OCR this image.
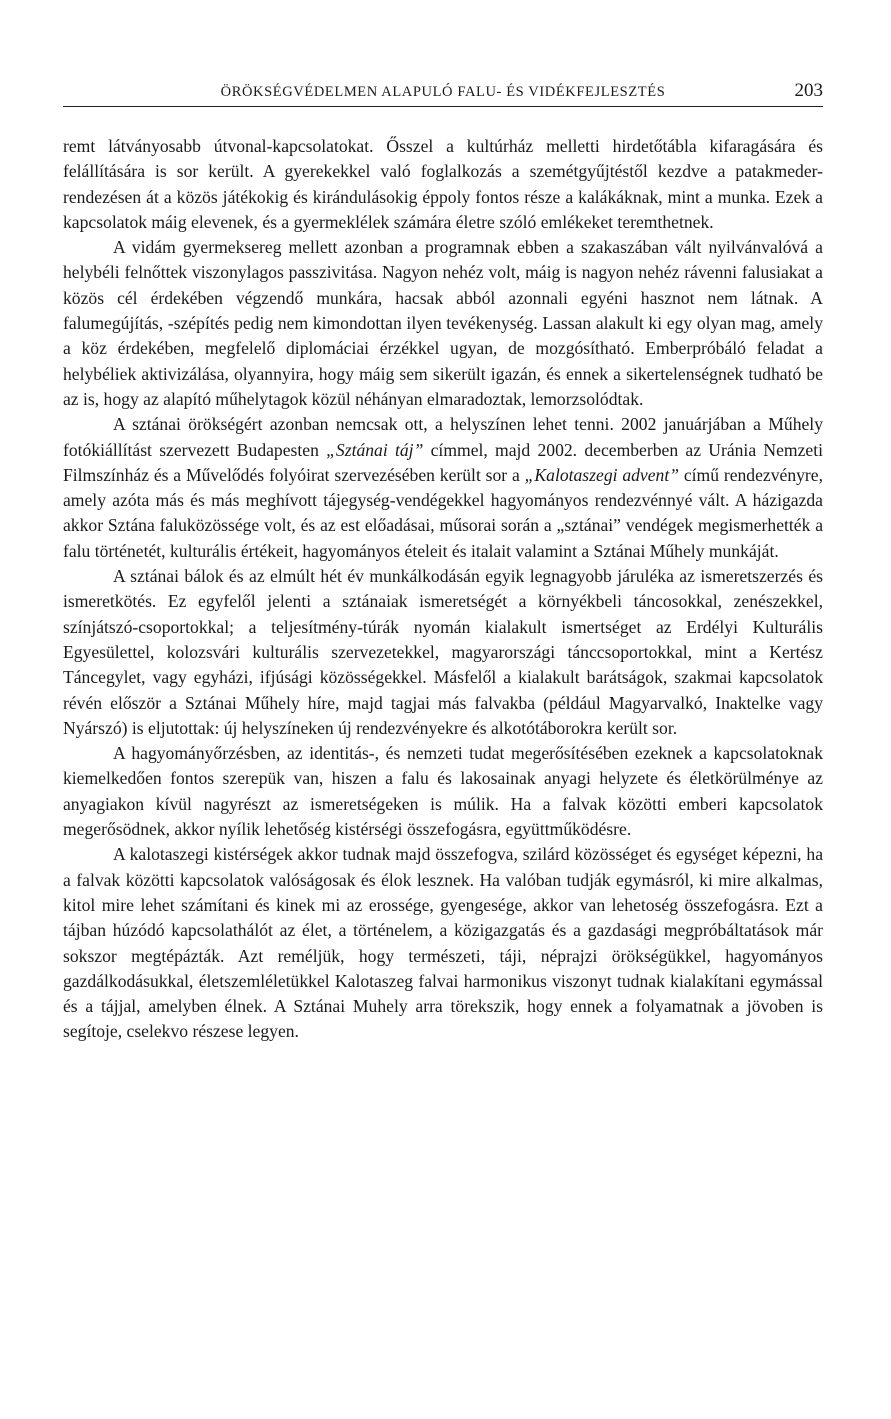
ÖRÖKSÉGVÉDELMEN ALAPULÓ FALU- ÉS VIDÉKFEJLESZTÉS	203

remt látványosabb útvonal-kapcsolatokat. Ősszel a kultúrház melletti hirdetőtábla kifaragására és felállítására is sor került. A gyerekekkel való foglalkozás a szemétgyűjtéstől kezdve a patakmeder-rendezésen át a közös játékokig és kirándulásokig éppoly fontos része a kalákáknak, mint a munka. Ezek a kapcsolatok máig elevenek, és a gyermeklélek számára életre szóló emlékeket teremthetnek.

A vidám gyermeksereg mellett azonban a programnak ebben a szakaszában vált nyilvánvalóvá a helybéli felnőttek viszonylagos passzivitása. Nagyon nehéz volt, máig is nagyon nehéz rávenni falusiakat a közös cél érdekében végzendő munkára, hacsak abból azonnali egyéni hasznot nem látnak. A falumegújítás, -szépítés pedig nem kimondottan ilyen tevékenység. Lassan alakult ki egy olyan mag, amely a köz érdekében, megfelelő diplomáciai érzékkel ugyan, de mozgósítható. Emberpróbáló feladat a helybéliek aktivizálása, olyannyira, hogy máig sem sikerült igazán, és ennek a sikertelenségnek tudható be az is, hogy az alapító műhelytagok közül néhányan elmaradoztak, lemorzsolódtak.

A sztánai örökségért azonban nemcsak ott, a helyszínen lehet tenni. 2002 januárjában a Műhely fotókiállítást szervezett Budapesten „Sztánai táj” címmel, majd 2002. decemberben az Uránia Nemzeti Filmszínház és a Művelődés folyóirat szervezésében került sor a „Kalotaszegi advent” című rendezvényre, amely azóta más és más meghívott tájegység-vendégekkel hagyományos rendezvénnyé vált. A házigazda akkor Sztána faluközössége volt, és az est előadásai, műsorai során a „sztánai” vendégek megismerhették a falu történetét, kulturális értékeit, hagyományos ételeit és italait valamint a Sztánai Műhely munkáját.

A sztánai bálok és az elmúlt hét év munkálkodásán egyik legnagyobb járuléka az ismeretszerzés és ismeretkötés. Ez egyfelől jelenti a sztánaiak ismeretségét a környékbeli táncosokkal, zenészekkel, színjátszó-csoportokkal; a teljesítmény-túrák nyomán kialakult ismertséget az Erdélyi Kulturális Egyesülettel, kolozsvári kulturális szervezetekkel, magyarországi tánccsoportokkal, mint a Kertész Táncegylet, vagy egyházi, ifjúsági közösségekkel. Másfelől a kialakult barátságok, szakmai kapcsolatok révén először a Sztánai Műhely híre, majd tagjai más falvakba (például Magyarvalkó, Inaktelke vagy Nyárszó) is eljutottak: új helyszíneken új rendezvényekre és alkotótáborokra került sor.

A hagyományőrzésben, az identitás-, és nemzeti tudat megerősítésében ezeknek a kapcsolatoknak kiemelkedően fontos szerepük van, hiszen a falu és lakosainak anyagi helyzete és életkörülménye az anyagiakon kívül nagyrészt az ismeretségeken is múlik. Ha a falvak közötti emberi kapcsolatok megerősödnek, akkor nyílik lehetőség kistérségi összefogásra, együttműködésre.

A kalotaszegi kistérségek akkor tudnak majd összefogva, szilárd közösséget és egységet képezni, ha a falvak közötti kapcsolatok valóságosak és élok lesznek. Ha valóban tudják egymásról, ki mire alkalmas, kitol mire lehet számítani és kinek mi az erossége, gyengesége, akkor van lehetoség összefogásra. Ezt a tájban húzódó kapcsolathálót az élet, a történelem, a közigazgatás és a gazdasági megpróbáltatások már sokszor megtépázták. Azt reméljük, hogy természeti, táji, néprajzi örökségükkel, hagyományos gazdálkodásukkal, életszemléletükkel Kalotaszeg falvai harmonikus viszonyt tudnak kialakítani egymással és a tájjal, amelyben élnek. A Sztánai Muhely arra törekszik, hogy ennek a folyamatnak a jövoben is segítoje, cselekvo részese legyen.
